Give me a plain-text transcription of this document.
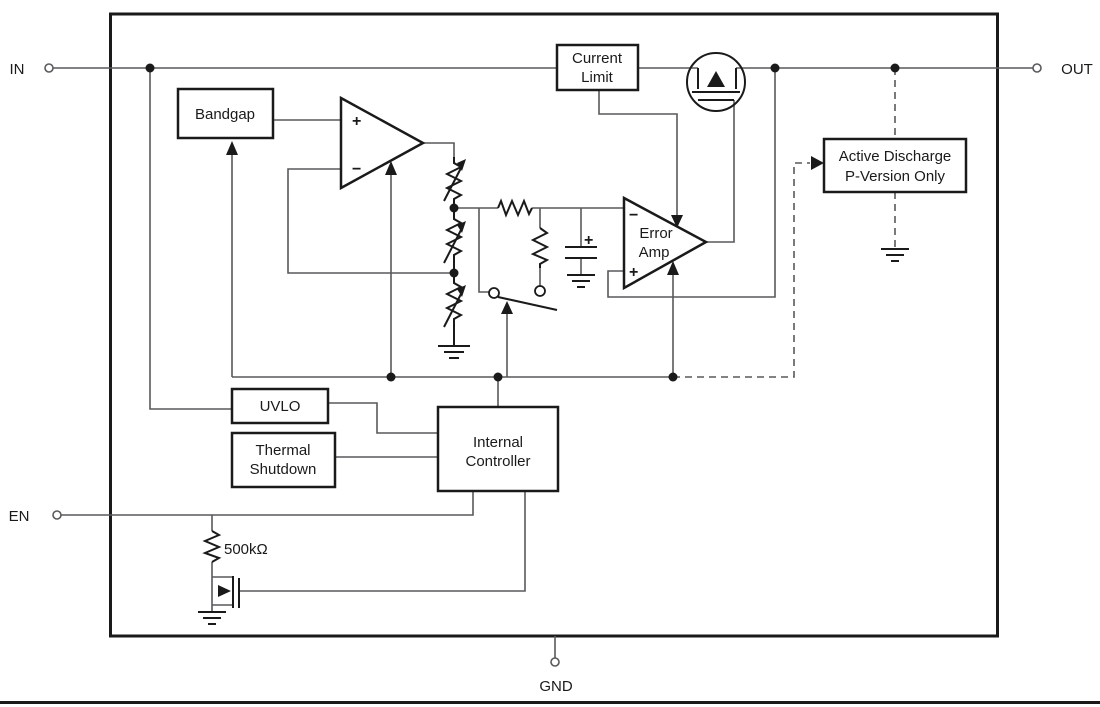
+
−
−
+
Error
Amp
+
Bandgap
Current
Limit
Active Discharge
P-Version Only
UVLO
Thermal
Shutdown
Internal
Controller
IN	OUT
EN
GND
500kΩ
